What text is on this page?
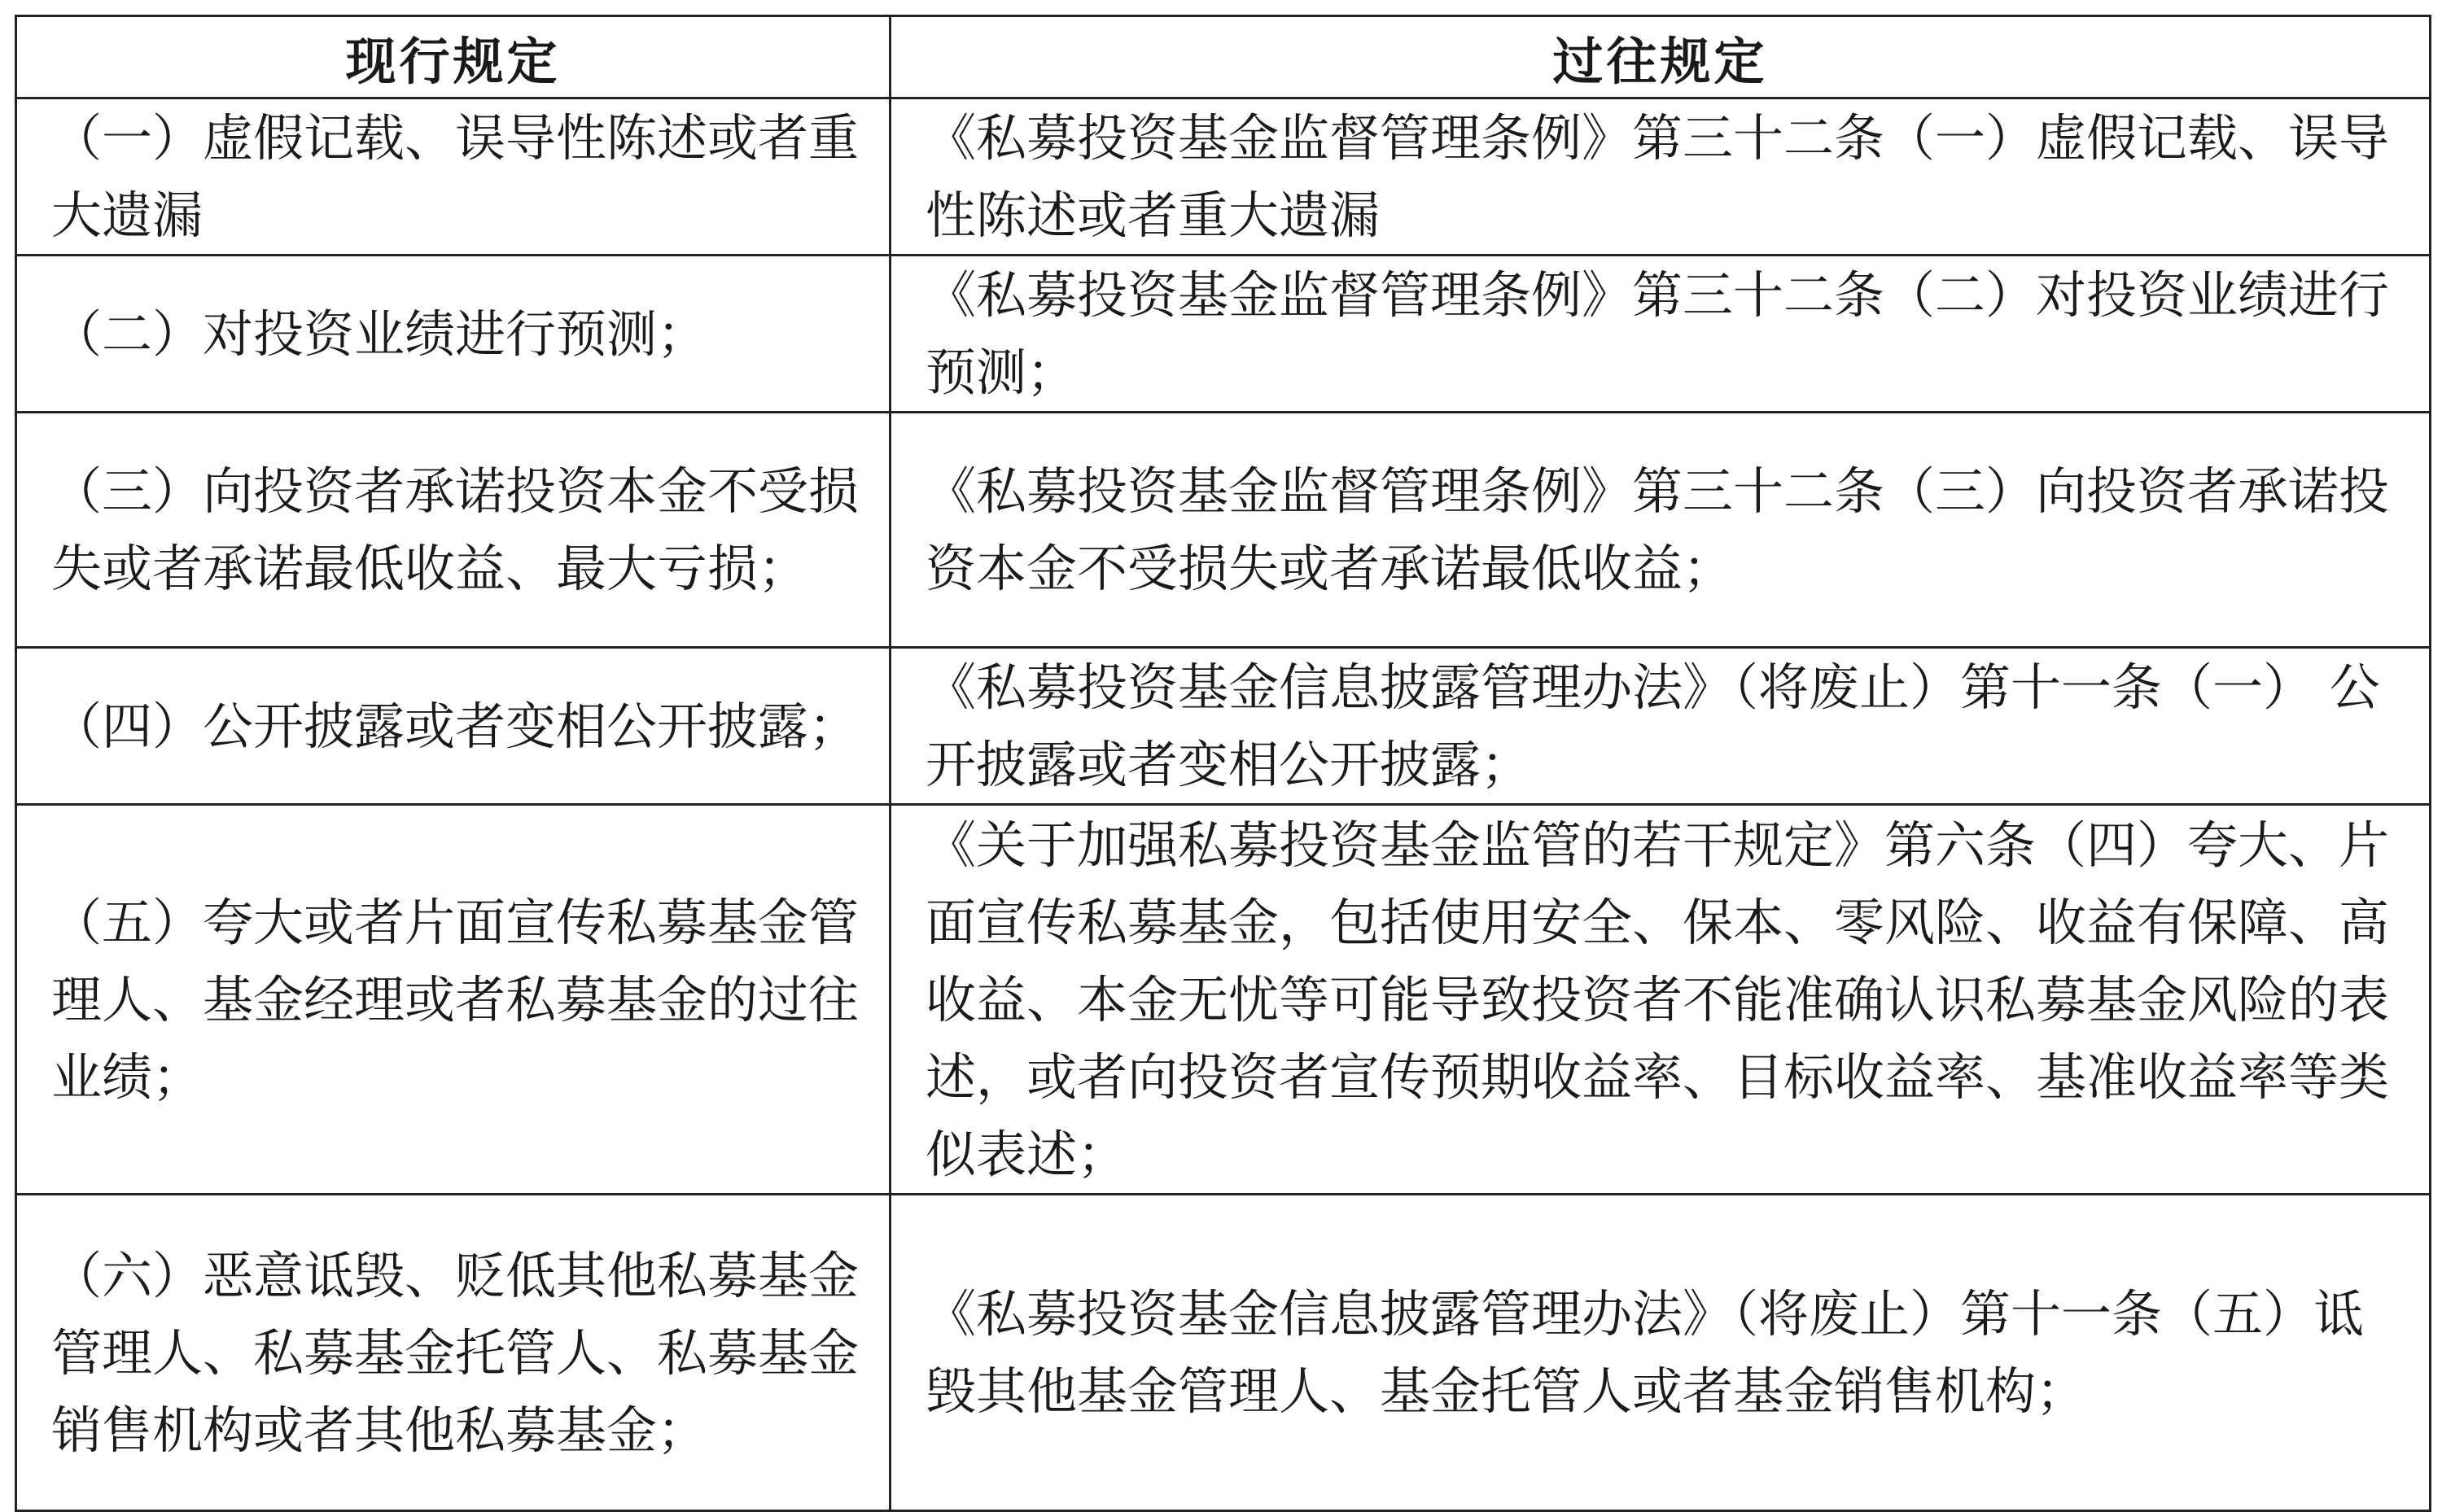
现行规定	过往规定

（一）虚假记载、误导性陈述或者重大遗漏	《私募投资基金监督管理条例》第三十二条（一）虚假记载、误导性陈述或者重大遗漏

（二）对投资业绩进行预测；	《私募投资基金监督管理条例》第三十二条（二）对投资业绩进行预测；

（三）向投资者承诺投资本金不受损失或者承诺最低收益、最大亏损；	《私募投资基金监督管理条例》第三十二条（三）向投资者承诺投资本金不受损失或者承诺最低收益；

（四）公开披露或者变相公开披露；	《私募投资基金信息披露管理办法》（将废止）第十一条（一） 公开披露或者变相公开披露；

（五）夸大或者片面宣传私募基金管理人、基金经理或者私募基金的过往业绩；	《关于加强私募投资基金监管的若干规定》第六条（四）夸大、片面宣传私募基金，包括使用安全、保本、零风险、收益有保障、高收益、本金无忧等可能导致投资者不能准确认识私募基金风险的表述，或者向投资者宣传预期收益率、目标收益率、基准收益率等类似表述；

（六）恶意诋毁、贬低其他私募基金管理人、私募基金托管人、私募基金销售机构或者其他私募基金；	《私募投资基金信息披露管理办法》（将废止）第十一条（五）诋毁其他基金管理人、基金托管人或者基金销售机构；
